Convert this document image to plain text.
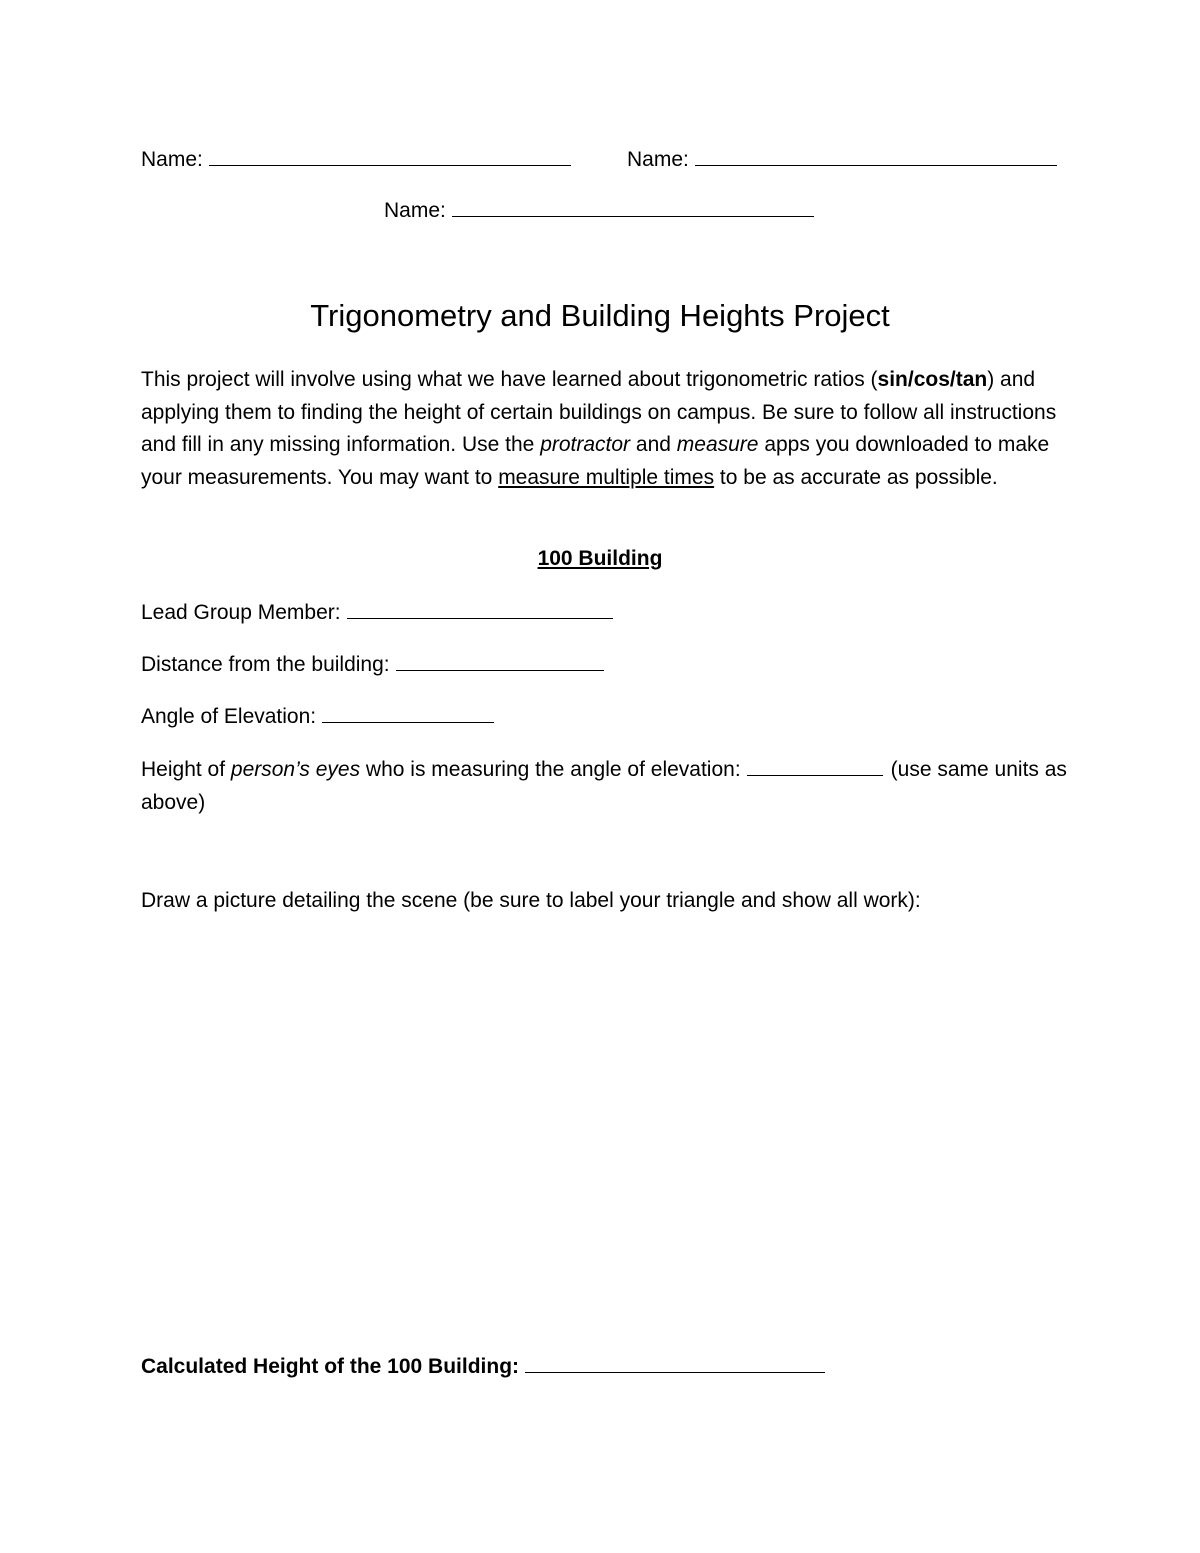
Name:	Name:
Name:
Trigonometry and Building Heights Project
This project will involve using what we have learned about trigonometric ratios (sin/cos/tan) and applying them to finding the height of certain buildings on campus. Be sure to follow all instructions and fill in any missing information. Use the protractor and measure apps you downloaded to make your measurements. You may want to measure multiple times to be as accurate as possible.
100 Building
Lead Group Member:
Distance from the building:
Angle of Elevation:
Height of person’s eyes who is measuring the angle of elevation:	(use same units as above)
Draw a picture detailing the scene (be sure to label your triangle and show all work):
Calculated Height of the 100 Building:
